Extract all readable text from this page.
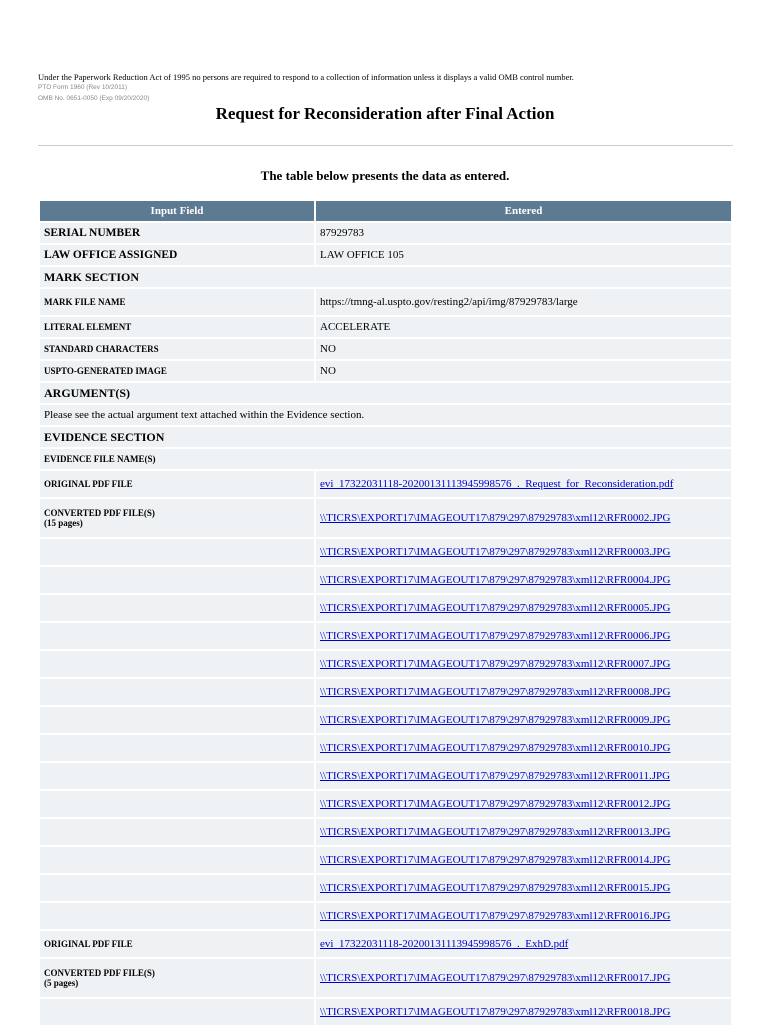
Under the Paperwork Reduction Act of 1995 no persons are required to respond to a collection of information unless it displays a valid OMB control number.
PTO Form 1960 (Rev 10/2011)
OMB No. 0651-0050 (Exp 09/20/2020)
Request for Reconsideration after Final Action
The table below presents the data as entered.
Input Field	Entered
SERIAL NUMBER	87929783
LAW OFFICE ASSIGNED	LAW OFFICE 105
MARK SECTION	
MARK FILE NAME	https://tmng-al.uspto.gov/resting2/api/img/87929783/large
LITERAL ELEMENT	ACCELERATE
STANDARD CHARACTERS	NO
USPTO-GENERATED IMAGE	NO
ARGUMENT(S)	
Please see the actual argument text attached within the Evidence section.	
EVIDENCE SECTION	
EVIDENCE FILE NAME(S)	
ORIGINAL PDF FILE	evi_17322031118-20200131113945998576_._Request_for_Reconsideration.pdf

CONVERTED PDF FILE(S)
(15 pages)	\\TICRS\EXPORT17\IMAGEOUT17\879\297\87929783\xml12\RFR0002.JPG
	\\TICRS\EXPORT17\IMAGEOUT17\879\297\87929783\xml12\RFR0003.JPG
	\\TICRS\EXPORT17\IMAGEOUT17\879\297\87929783\xml12\RFR0004.JPG
	\\TICRS\EXPORT17\IMAGEOUT17\879\297\87929783\xml12\RFR0005.JPG
	\\TICRS\EXPORT17\IMAGEOUT17\879\297\87929783\xml12\RFR0006.JPG
	\\TICRS\EXPORT17\IMAGEOUT17\879\297\87929783\xml12\RFR0007.JPG
	\\TICRS\EXPORT17\IMAGEOUT17\879\297\87929783\xml12\RFR0008.JPG
	\\TICRS\EXPORT17\IMAGEOUT17\879\297\87929783\xml12\RFR0009.JPG
	\\TICRS\EXPORT17\IMAGEOUT17\879\297\87929783\xml12\RFR0010.JPG
	\\TICRS\EXPORT17\IMAGEOUT17\879\297\87929783\xml12\RFR0011.JPG
	\\TICRS\EXPORT17\IMAGEOUT17\879\297\87929783\xml12\RFR0012.JPG
	\\TICRS\EXPORT17\IMAGEOUT17\879\297\87929783\xml12\RFR0013.JPG
	\\TICRS\EXPORT17\IMAGEOUT17\879\297\87929783\xml12\RFR0014.JPG
	\\TICRS\EXPORT17\IMAGEOUT17\879\297\87929783\xml12\RFR0015.JPG
	\\TICRS\EXPORT17\IMAGEOUT17\879\297\87929783\xml12\RFR0016.JPG
ORIGINAL PDF FILE	evi_17322031118-20200131113945998576_._ExhD.pdf

CONVERTED PDF FILE(S)
(5 pages)	\\TICRS\EXPORT17\IMAGEOUT17\879\297\87929783\xml12\RFR0017.JPG
	\\TICRS\EXPORT17\IMAGEOUT17\879\297\87929783\xml12\RFR0018.JPG
